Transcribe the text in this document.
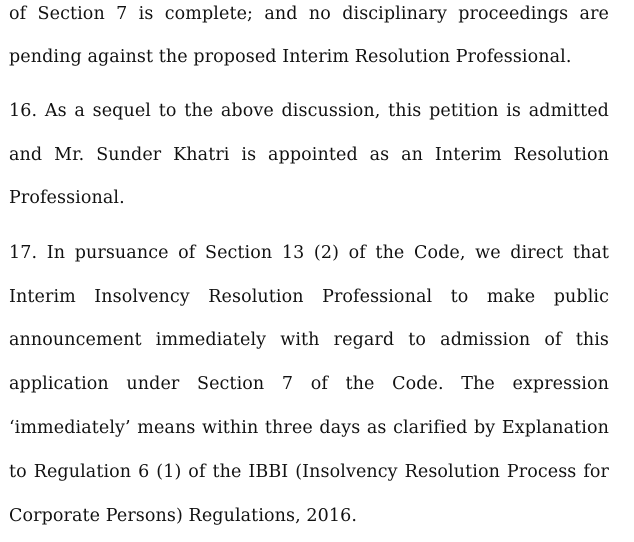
of Section 7 is complete; and no disciplinary proceedings are
pending against the proposed Interim Resolution Professional.
16. As a sequel to the above discussion, this petition is admitted
and Mr. Sunder Khatri is appointed as an Interim Resolution
Professional.
17. In pursuance of Section 13 (2) of the Code, we direct that
Interim Insolvency Resolution Professional to make public
announcement immediately with regard to admission of this
application under Section 7 of the Code. The expression
‘immediately’ means within three days as clarified by Explanation
to Regulation 6 (1) of the IBBI (Insolvency Resolution Process for
Corporate Persons) Regulations, 2016.
